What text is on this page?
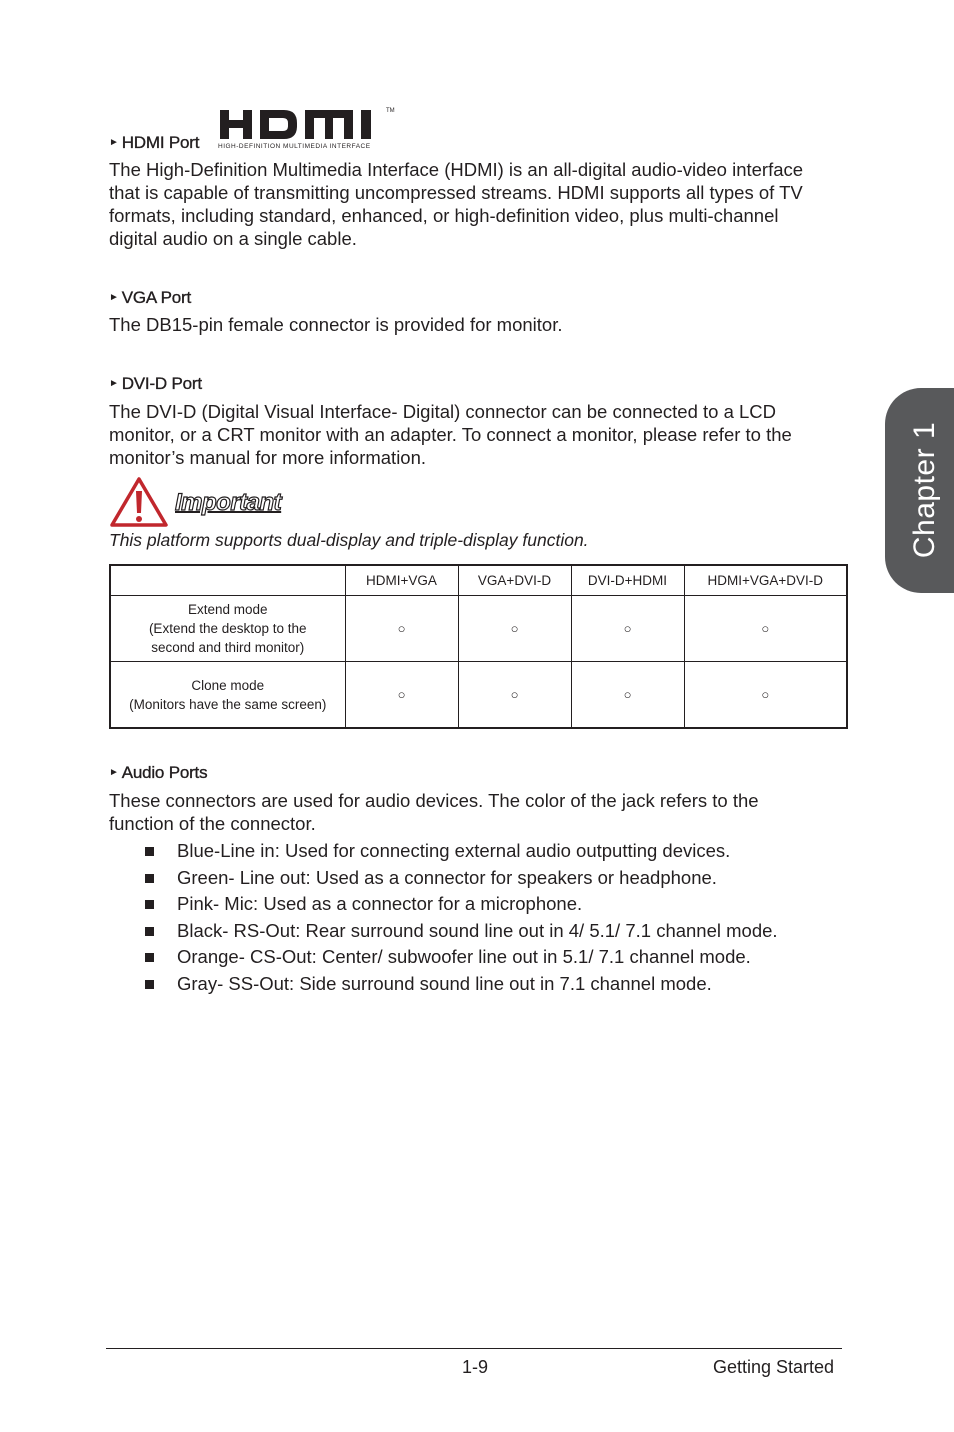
► HDMI Port
TM
HIGH-DEFINITION MULTIMEDIA INTERFACE
The High-Definition Multimedia Interface (HDMI) is an all-digital audio-video interface
that is capable of transmitting uncompressed streams. HDMI supports all types of TV
formats, including standard, enhanced, or high-definition video, plus multi-channel
digital audio on a single cable.
► VGA Port
The DB15-pin female connector is provided for monitor.
► DVI-D Port
The DVI-D (Digital Visual Interface- Digital) connector can be connected to a LCD
monitor, or a CRT monitor with an adapter. To connect a monitor, please refer to the
monitor’s manual for more information.
Important
This platform supports dual-display and triple-display function.
	HDMI+VGA	VGA+DVI-D	DVI-D+HDMI	HDMI+VGA+DVI-D

Extend mode
(Extend the desktop to the
second and third monitor)	○	○	○	○

Clone mode
(Monitors have the same screen)	○	○	○	○
► Audio Ports
These connectors are used for audio devices. The color of the jack refers to the
function of the connector.
Blue-Line in: Used for connecting external audio outputting devices.
Green- Line out: Used as a connector for speakers or headphone.
Pink- Mic: Used as a connector for a microphone.
Black- RS-Out: Rear surround sound line out in 4/ 5.1/ 7.1 channel mode.
Orange- CS-Out: Center/ subwoofer line out in 5.1/ 7.1 channel mode.
Gray- SS-Out: Side surround sound line out in 7.1 channel mode.
Chapter 1
1-9	Getting Started
